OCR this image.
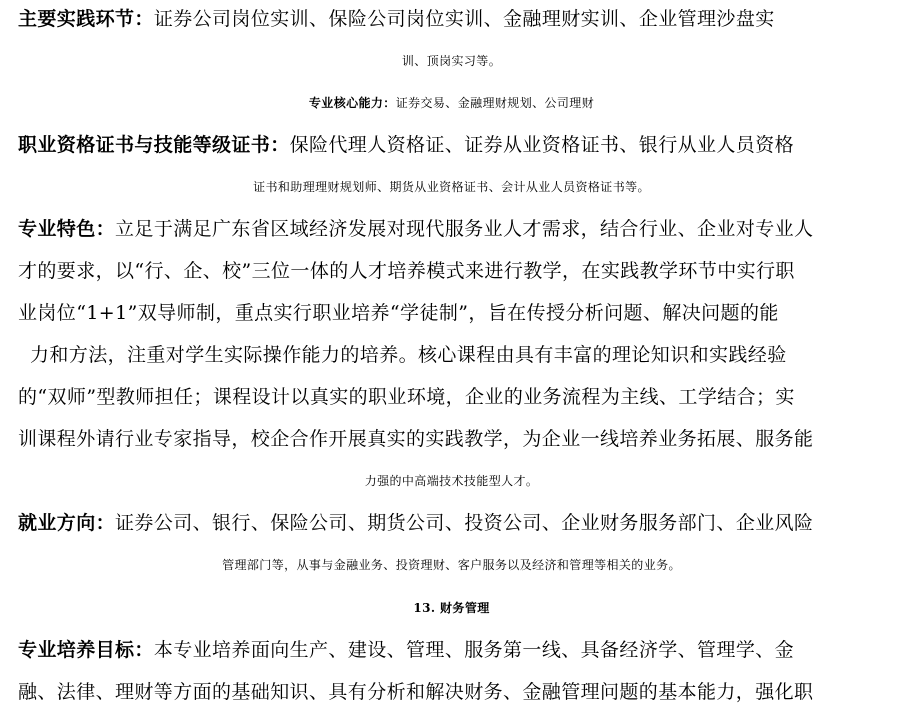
主要实践环节：证券公司岗位实训、保险公司岗位实训、金融理财实训、企业管理沙盘实
训、顶岗实习等。
专业核心能力：证券交易、金融理财规划、公司理财
职业资格证书与技能等级证书：保险代理人资格证、证券从业资格证书、银行从业人员资格
证书和助理理财规划师、期货从业资格证书、会计从业人员资格证书等。
专业特色：立足于满足广东省区域经济发展对现代服务业人才需求，结合行业、企业对专业人
才的要求，以“行、企、校”三位一体的人才培养模式来进行教学，在实践教学环节中实行职
业岗位“1+1”双导师制，重点实行职业培养“学徒制”，旨在传授分析问题、解决问题的能
力和方法，注重对学生实际操作能力的培养。核心课程由具有丰富的理论知识和实践经验
的“双师”型教师担任；课程设计以真实的职业环境，企业的业务流程为主线、工学结合；实
训课程外请行业专家指导，校企合作开展真实的实践教学，为企业一线培养业务拓展、服务能
力强的中高端技术技能型人才。
就业方向：证券公司、银行、保险公司、期货公司、投资公司、企业财务服务部门、企业风险
管理部门等，从事与金融业务、投资理财、客户服务以及经济和管理等相关的业务。
13. 财务管理
专业培养目标：本专业培养面向生产、建设、管理、服务第一线、具备经济学、管理学、金
融、法律、理财等方面的基础知识、具有分析和解决财务、金融管理问题的基本能力，强化职
